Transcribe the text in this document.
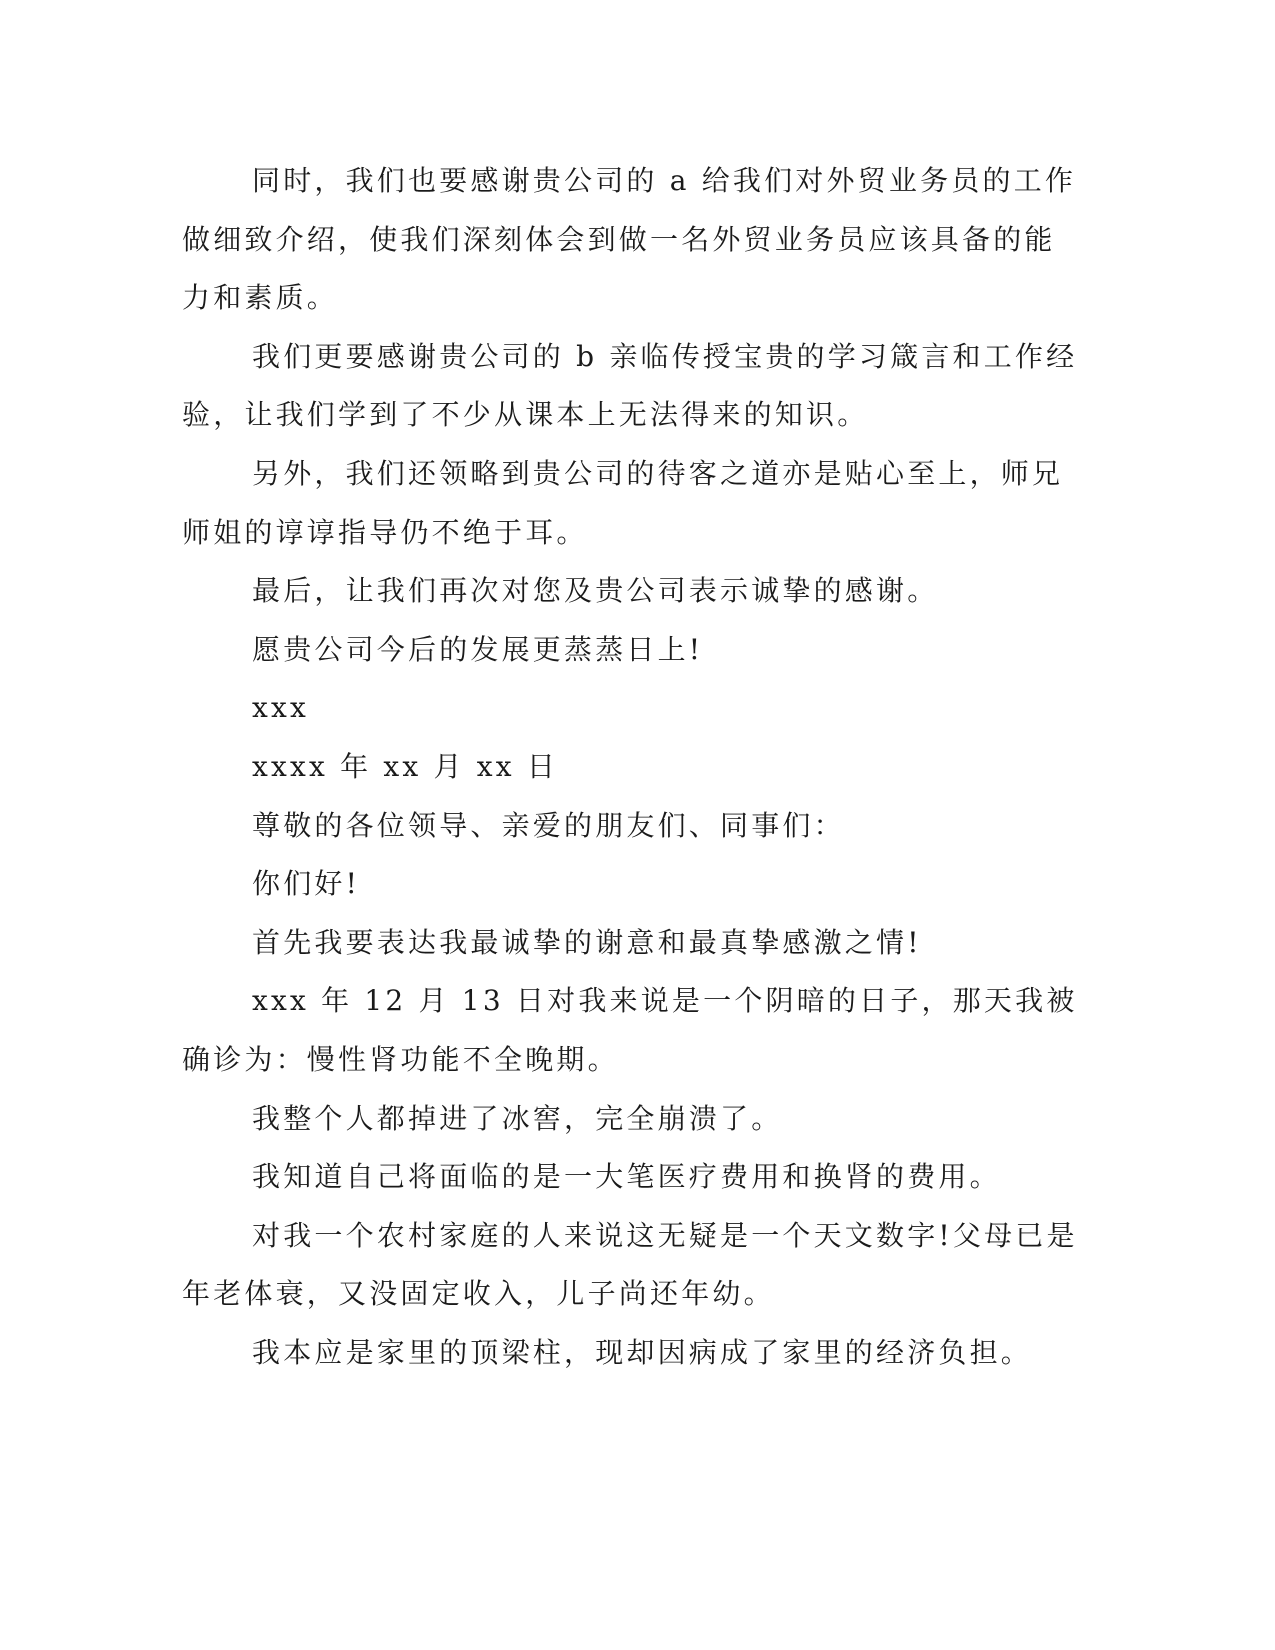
同时，我们也要感谢贵公司的 a 给我们对外贸业务员的工作做细致介绍，使我们深刻体会到做一名外贸业务员应该具备的能力和素质。

我们更要感谢贵公司的 b 亲临传授宝贵的学习箴言和工作经验，让我们学到了不少从课本上无法得来的知识。

另外，我们还领略到贵公司的待客之道亦是贴心至上，师兄师姐的谆谆指导仍不绝于耳。

最后，让我们再次对您及贵公司表示诚挚的感谢。

愿贵公司今后的发展更蒸蒸日上!

xxx

xxxx 年 xx 月 xx 日

尊敬的各位领导、亲爱的朋友们、同事们：

你们好!

首先我要表达我最诚挚的谢意和最真挚感激之情!

xxx 年 12 月 13 日对我来说是一个阴暗的日子，那天我被确诊为：慢性肾功能不全晚期。

我整个人都掉进了冰窖，完全崩溃了。

我知道自己将面临的是一大笔医疗费用和换肾的费用。

对我一个农村家庭的人来说这无疑是一个天文数字!父母已是年老体衰，又没固定收入，儿子尚还年幼。

我本应是家里的顶梁柱，现却因病成了家里的经济负担。
